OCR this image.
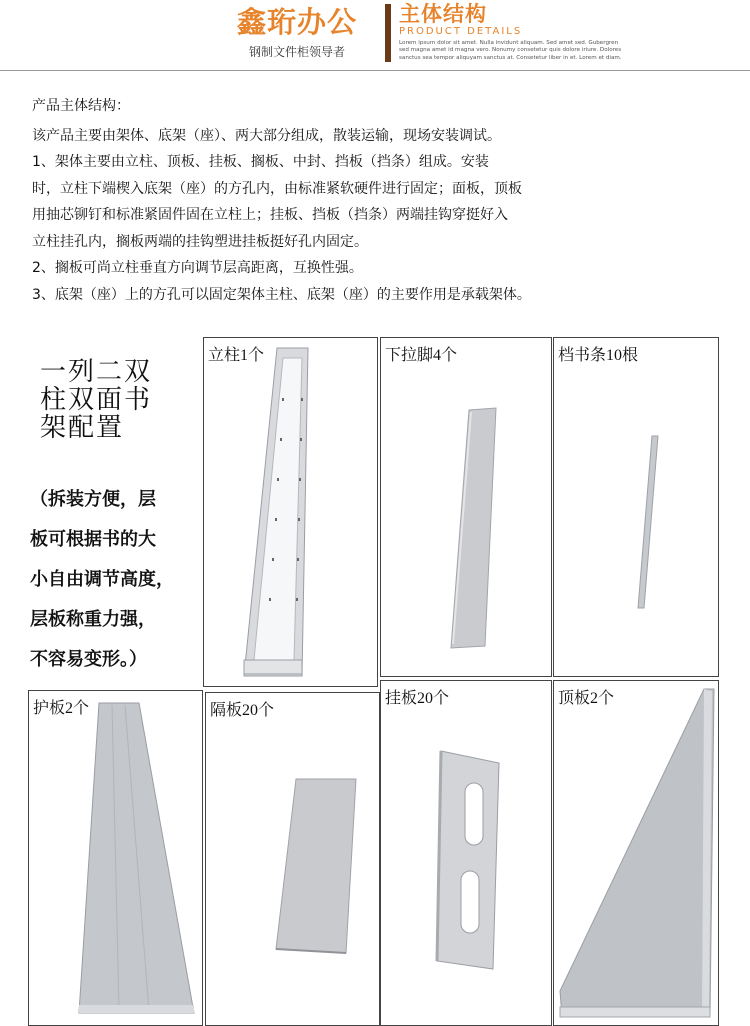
鑫珩办公
钢制文件柜领导者
主体结构
PRODUCT DETAILS
Lorem ipsum dolor sit amet. Nulla invidunt aliquam. Sed amet sed. Gubergren
sed magna amet id magna vero. Nonumy consetetur quis dolore iriure. Dolores
sanctus sea tempor aliquyam sanctus at. Consetetur liber in et. Lorem et diam.

产品主体结构：

该产品主要由架体、底架（座）、两大部分组成，散装运输，现场安装调试。

1、架体主要由立柱、顶板、挂板、搁板、中封、挡板（挡条）组成。安装

时，立柱下端楔入底架（座）的方孔内，由标准紧软硬件进行固定；面板，顶板

用抽芯铆钉和标准紧固件固在立柱上；挂板、挡板（挡条）两端挂钩穿挺好入

立柱挂孔内，搁板两端的挂钩塑进挂板挺好孔内固定。

2、搁板可尚立柱垂直方向调节层高距离，互换性强。

3、底架（座）上的方孔可以固定架体主柱、底架（座）的主要作用是承载架体。

一列二双
柱双面书
架配置

（拆装方便，层

板可根据书的大

小自由调节高度，

层板称重力强，

不容易变形。）

立柱1个	下拉脚4个	档书条10根
护板2个	隔板20个
挂板20个	顶板2个
